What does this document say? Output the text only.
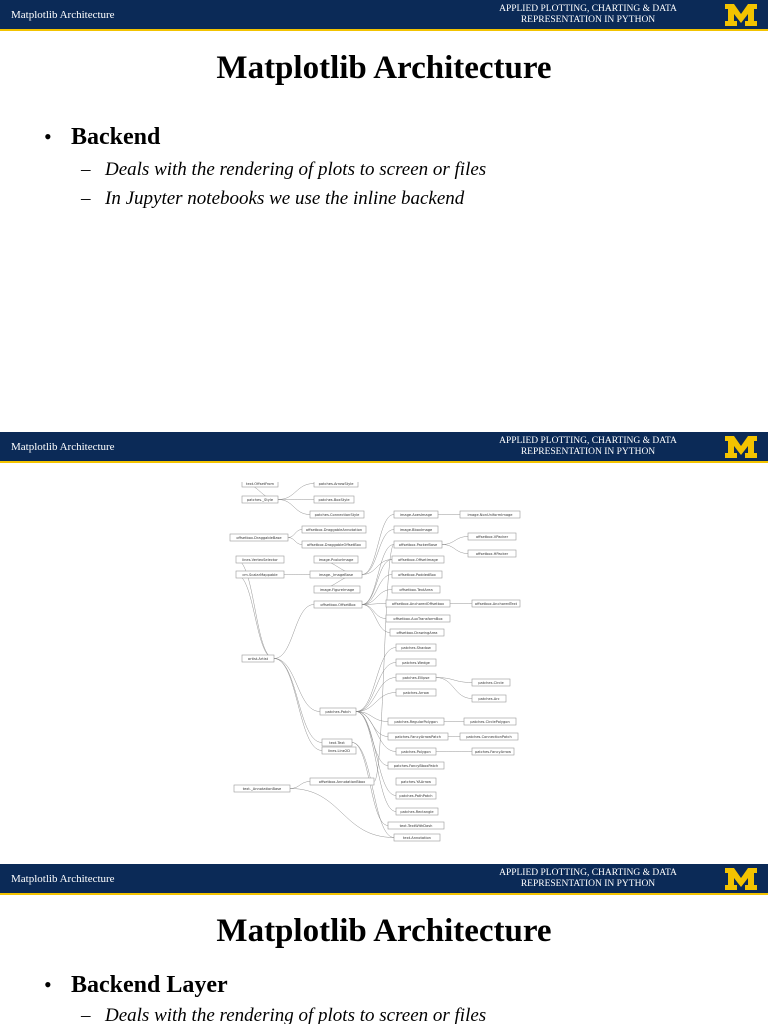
Matplotlib Architecture	APPLIED PLOTTING, CHARTING & DATA
REPRESENTATION IN PYTHON
Matplotlib Architecture
• Backend
– Deals with the rendering of plots to screen or files
– In Jupyter notebooks we use the inline backend
Matplotlib Architecture	APPLIED PLOTTING, CHARTING & DATA
REPRESENTATION IN PYTHON
text.OffsetFrom
patches._Style
patches.ArrowStyle
patches.BoxStyle
patches.ConnectionStyle
offsetbox.DraggableAnnotation
offsetbox.DraggableBase
offsetbox.DraggableOffsetBox
image.AxesImage	image.NonUniformImage
image.BboxImage
offsetbox.PackerBase
offsetbox.VPacker
offsetbox.HPacker
lines.VertexSelector	image.PcolorImage
cm.ScalarMappable	image._ImageBase
offsetbox.OffsetImage
offsetbox.PaddedBox
image.FigureImage
offsetbox.OffsetBox
offsetbox.TextArea
offsetbox.AnchoredOffsetbox	offsetbox.AnchoredText
offsetbox.AuxTransformBox
offsetbox.DrawingArea
artist.Artist
patches.Shadow
patches.Wedge
patches.Ellipse
patches.Circle
patches.Arc
patches.Arrow
patches.Patch
patches.RegularPolygon	patches.CirclePolygon
patches.FancyArrowPatch	patches.ConnectionPatch
patches.Polygon	patches.FancyArrow
patches.FancyBboxPatch
text.Text
lines.Line2D
patches.YAArrow
patches.PathPatch
patches.Rectangle
text._AnnotationBase
offsetbox.AnnotationBbox
text.TextWithDash
text.Annotation
Matplotlib Architecture	APPLIED PLOTTING, CHARTING & DATA
REPRESENTATION IN PYTHON
Matplotlib Architecture
• Backend Layer
– Deals with the rendering of plots to screen or files
